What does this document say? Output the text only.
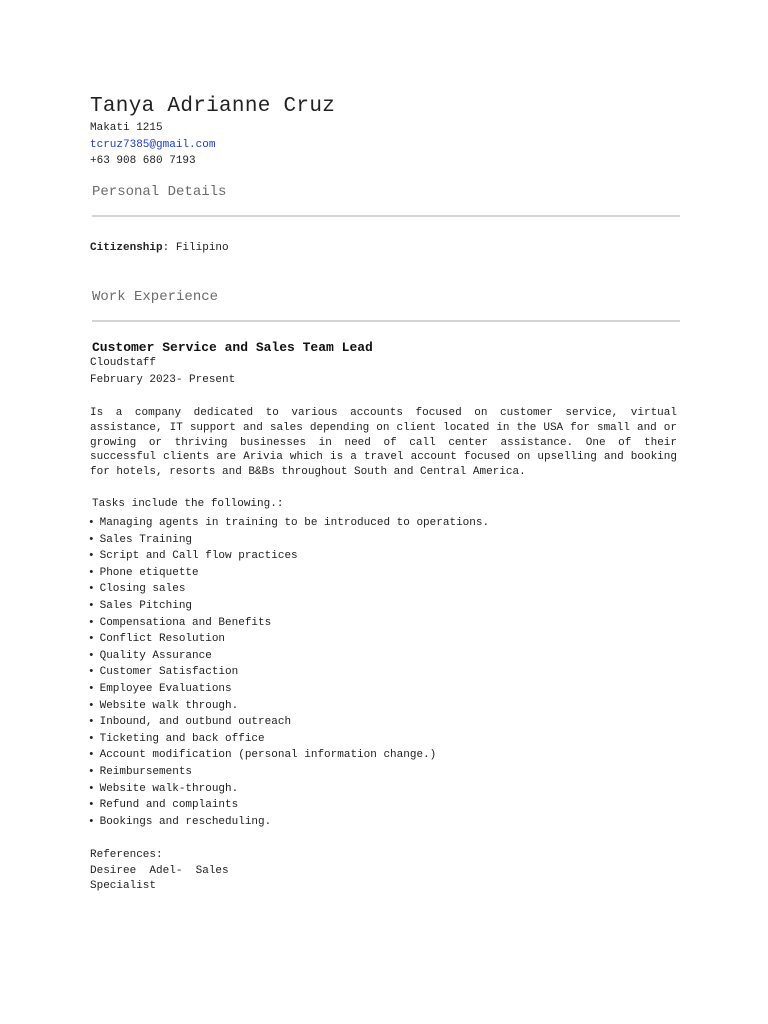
Tanya Adrianne Cruz
Makati 1215
tcruz7385@gmail.com
+63 908 680 7193
Personal Details
Citizenship: Filipino
Work Experience
Customer Service and Sales Team Lead
Cloudstaff
February 2023- Present
Is a company dedicated to various accounts focused on customer service, virtual assistance, IT support and sales depending on client located in the USA for small and or growing or thriving businesses in need of call center assistance. One of their successful clients are Arivia which is a travel account focused on upselling and booking for hotels, resorts and B&Bs throughout South and Central America.
Tasks include the following.:
• Managing agents in training to be introduced to operations.
• Sales Training
• Script and Call flow practices
• Phone etiquette
• Closing sales
• Sales Pitching
• Compensationa and Benefits
• Conflict Resolution
• Quality Assurance
• Customer Satisfaction
• Employee Evaluations
• Website walk through.
• Inbound, and outbund outreach
• Ticketing and back office
• Account modification (personal information change.)
• Reimbursements
• Website walk-through.
• Refund and complaints
• Bookings and rescheduling.
References:
Desiree  Adel-  Sales
Specialist
